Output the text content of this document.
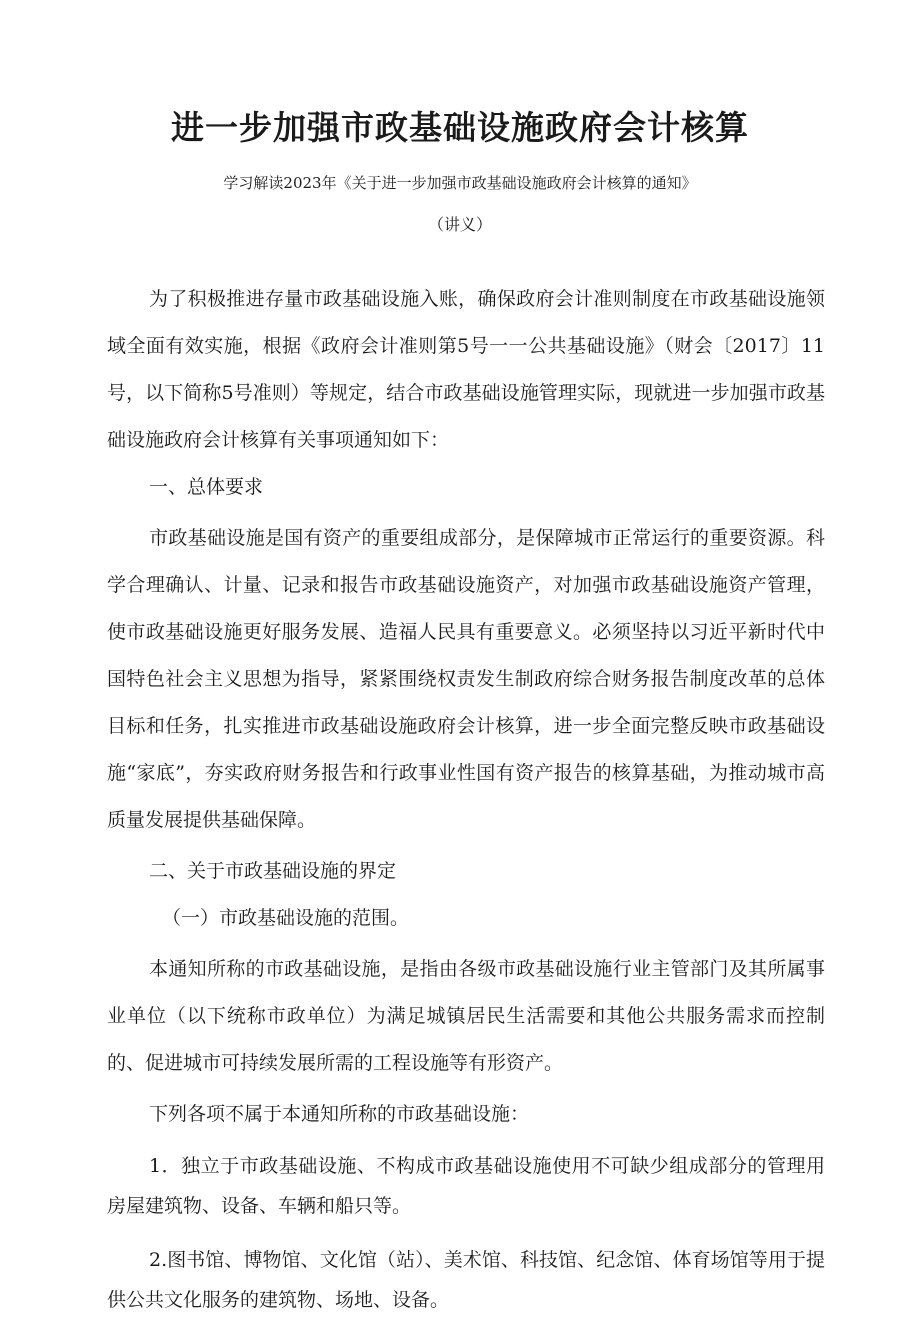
进一步加强市政基础设施政府会计核算

学习解读2023年《关于进一步加强市政基础设施政府会计核算的通知》

（讲义）

为了积极推进存量市政基础设施入账，确保政府会计准则制度在市政基础设施领域全面有效实施，根据《政府会计准则第5号一一公共基础设施》（财会〔2017〕11号，以下简称5号准则）等规定，结合市政基础设施管理实际，现就进一步加强市政基础设施政府会计核算有关事项通知如下：

一、总体要求

市政基础设施是国有资产的重要组成部分，是保障城市正常运行的重要资源。科学合理确认、计量、记录和报告市政基础设施资产，对加强市政基础设施资产管理，使市政基础设施更好服务发展、造福人民具有重要意义。必须坚持以习近平新时代中国特色社会主义思想为指导，紧紧围绕权责发生制政府综合财务报告制度改革的总体目标和任务，扎实推进市政基础设施政府会计核算，进一步全面完整反映市政基础设施“家底”，夯实政府财务报告和行政事业性国有资产报告的核算基础，为推动城市高质量发展提供基础保障。

二、关于市政基础设施的界定

（一）市政基础设施的范围。

本通知所称的市政基础设施，是指由各级市政基础设施行业主管部门及其所属事业单位（以下统称市政单位）为满足城镇居民生活需要和其他公共服务需求而控制的、促进城市可持续发展所需的工程设施等有形资产。

下列各项不属于本通知所称的市政基础设施：

1．独立于市政基础设施、不构成市政基础设施使用不可缺少组成部分的管理用房屋建筑物、设备、车辆和船只等。

2.图书馆、博物馆、文化馆（站）、美术馆、科技馆、纪念馆、体育场馆等用于提供公共文化服务的建筑物、场地、设备。
